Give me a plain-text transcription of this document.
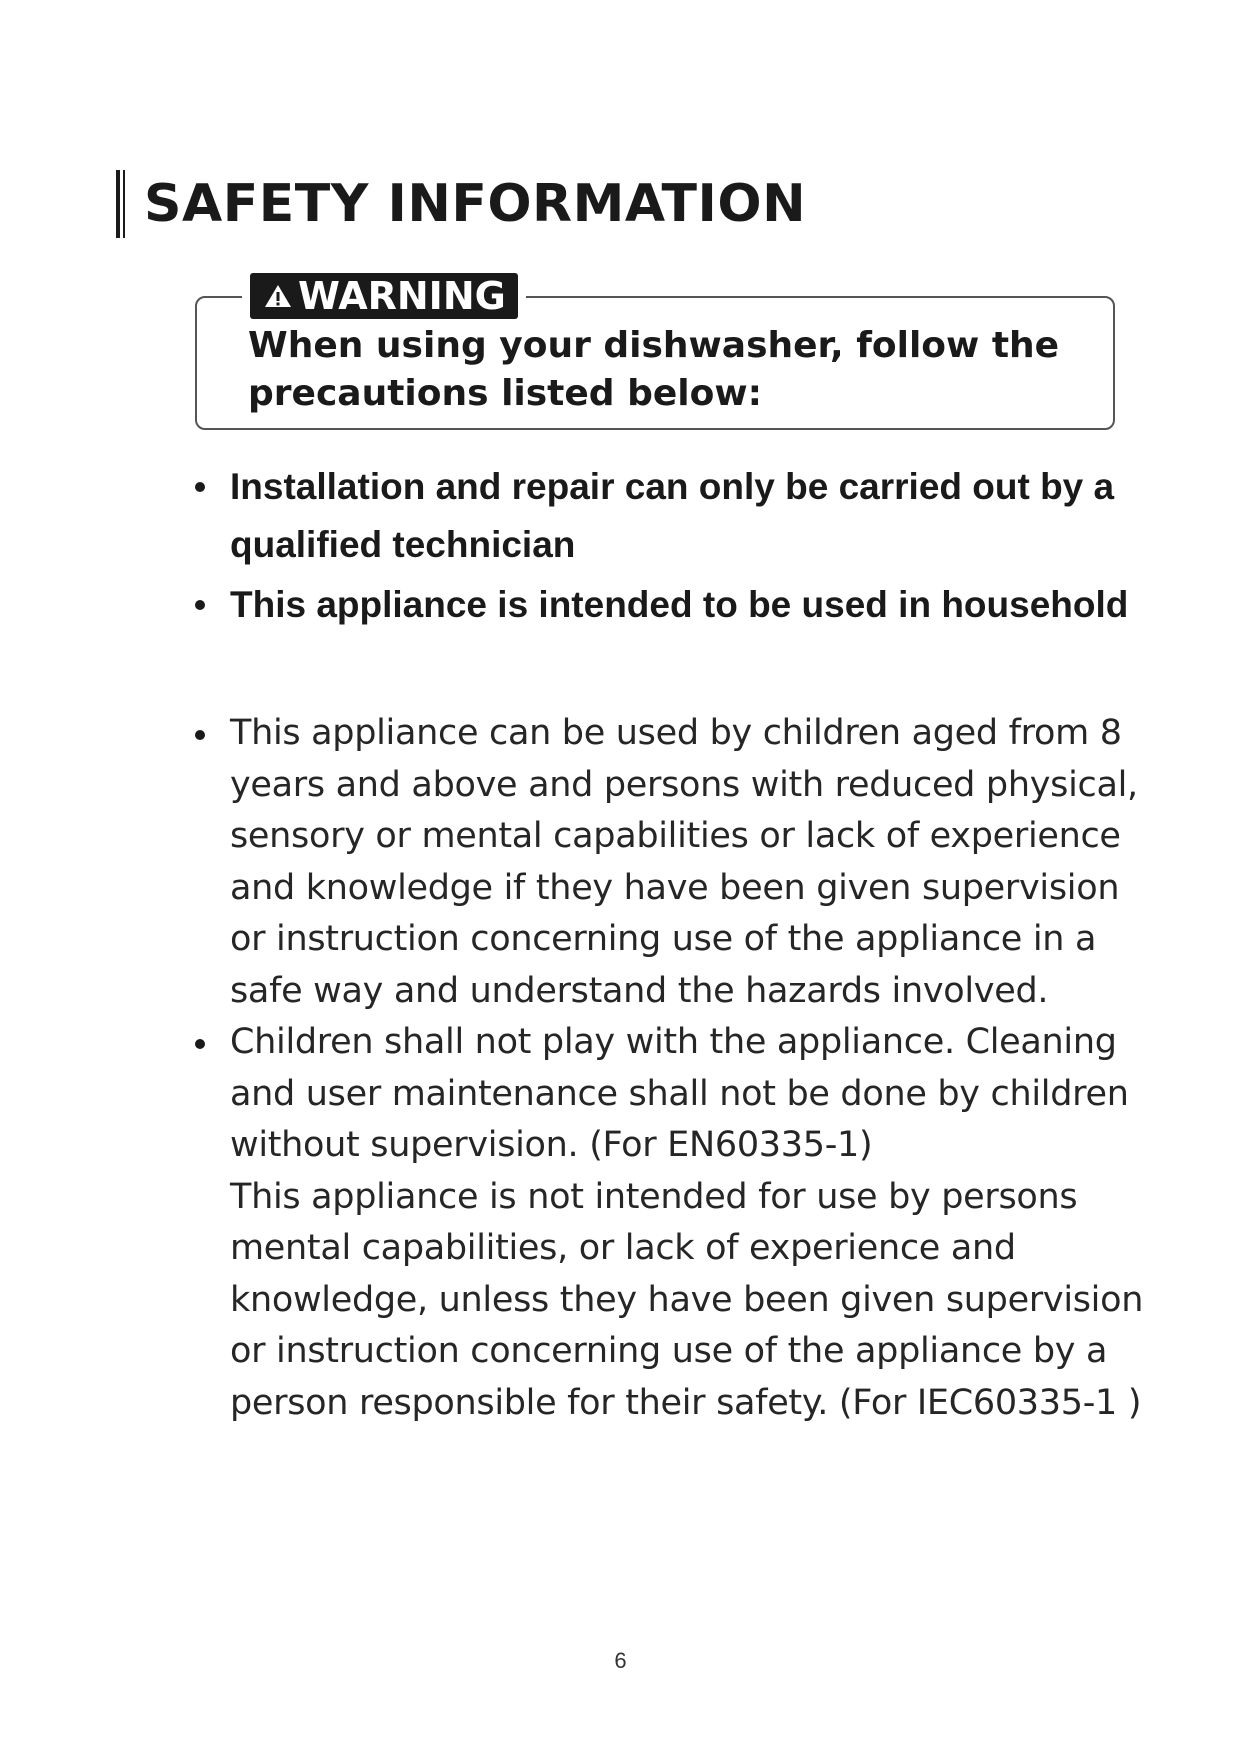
SAFETY INFORMATION
WARNING
When using your dishwasher, follow the precautions listed below:
Installation and repair can only be carried out by a qualified technician
This appliance is intended to be used in household
This appliance can be used by children aged from 8 years and above and persons with reduced physical, sensory or mental capabilities or lack of experience and knowledge if they have been given supervision or instruction concerning use of the appliance in a safe way and understand the hazards involved.
Children shall not play with the appliance. Cleaning and user maintenance shall not be done by children without supervision. (For EN60335-1)
This appliance is not intended for use by persons mental capabilities, or lack of experience and knowledge, unless they have been given supervision or instruction concerning use of the appliance by a person responsible for their safety. (For IEC60335-1 )
6
